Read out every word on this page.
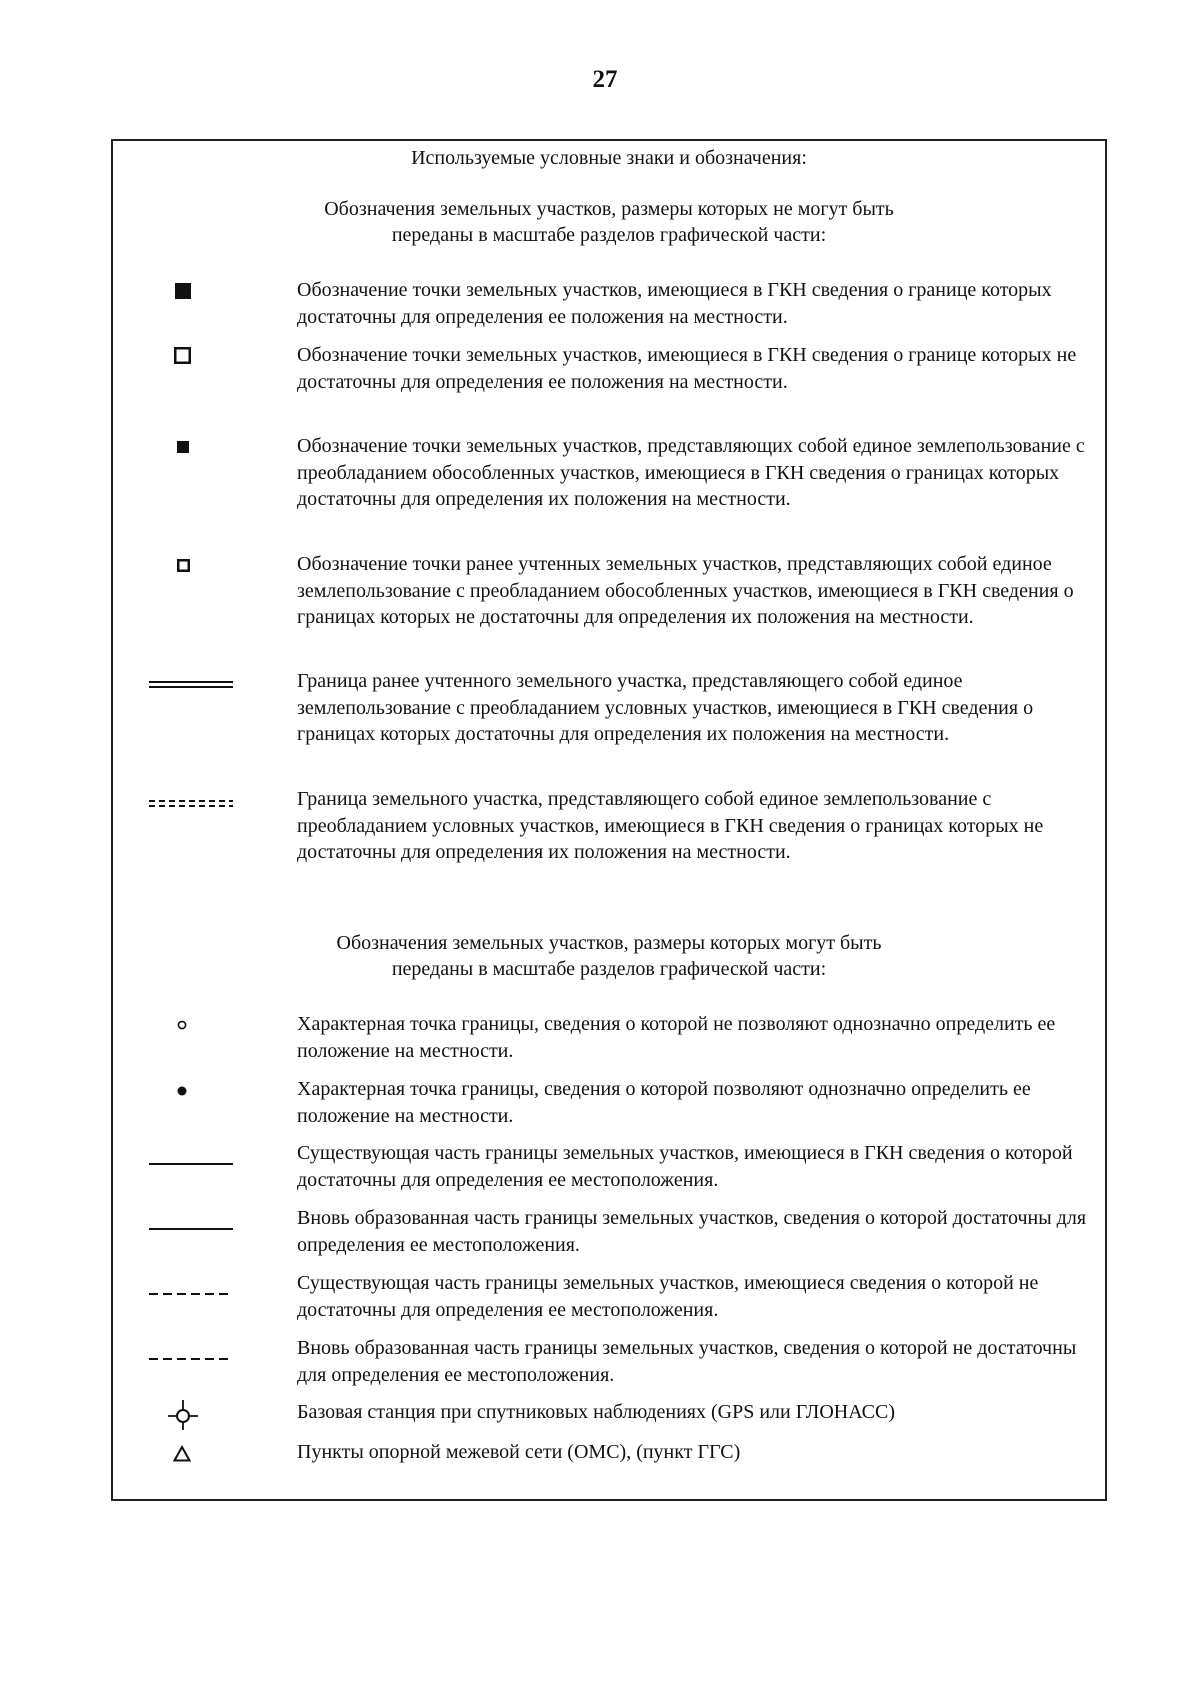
27
Используемые условные знаки и обозначения:
Обозначения земельных участков, размеры которых не могут быть
переданы в масштабе разделов графической части:
Обозначение точки земельных участков, имеющиеся в ГКН сведения о границе которых достаточны для определения ее положения на местности.
Обозначение точки земельных участков, имеющиеся в ГКН сведения о границе которых не достаточны для определения ее положения на местности.
Обозначение точки земельных участков, представляющих собой единое землепользование с преобладанием обособленных участков, имеющиеся в ГКН сведения о границах которых достаточны для определения их положения на местности.
Обозначение точки ранее учтенных земельных участков, представляющих собой единое землепользование с преобладанием обособленных участков, имеющиеся в ГКН сведения о границах которых не достаточны для определения их положения на местности.
Граница ранее учтенного земельного участка, представляющего собой единое землепользование с преобладанием условных участков, имеющиеся в ГКН сведения о границах которых достаточны для определения их положения на местности.
Граница земельного участка, представляющего собой единое землепользование с преобладанием условных участков, имеющиеся в ГКН сведения о границах которых не достаточны для определения их положения на местности.
Обозначения земельных участков, размеры которых могут быть
переданы в масштабе разделов графической части:
Характерная точка границы, сведения о которой не позволяют однозначно определить ее положение на местности.
Характерная точка границы, сведения о которой позволяют однозначно определить ее положение на местности.
Существующая часть границы земельных участков, имеющиеся в ГКН сведения о которой достаточны для определения ее местоположения.
Вновь образованная часть границы земельных участков, сведения о которой достаточны для определения ее местоположения.
Существующая часть границы земельных участков, имеющиеся сведения о которой не достаточны для определения ее местоположения.
Вновь образованная часть границы земельных участков, сведения о которой не достаточны для определения ее местоположения.
Базовая станция при спутниковых наблюдениях (GPS или ГЛОНАСС)
Пункты опорной межевой сети (ОМС), (пункт ГГС)
